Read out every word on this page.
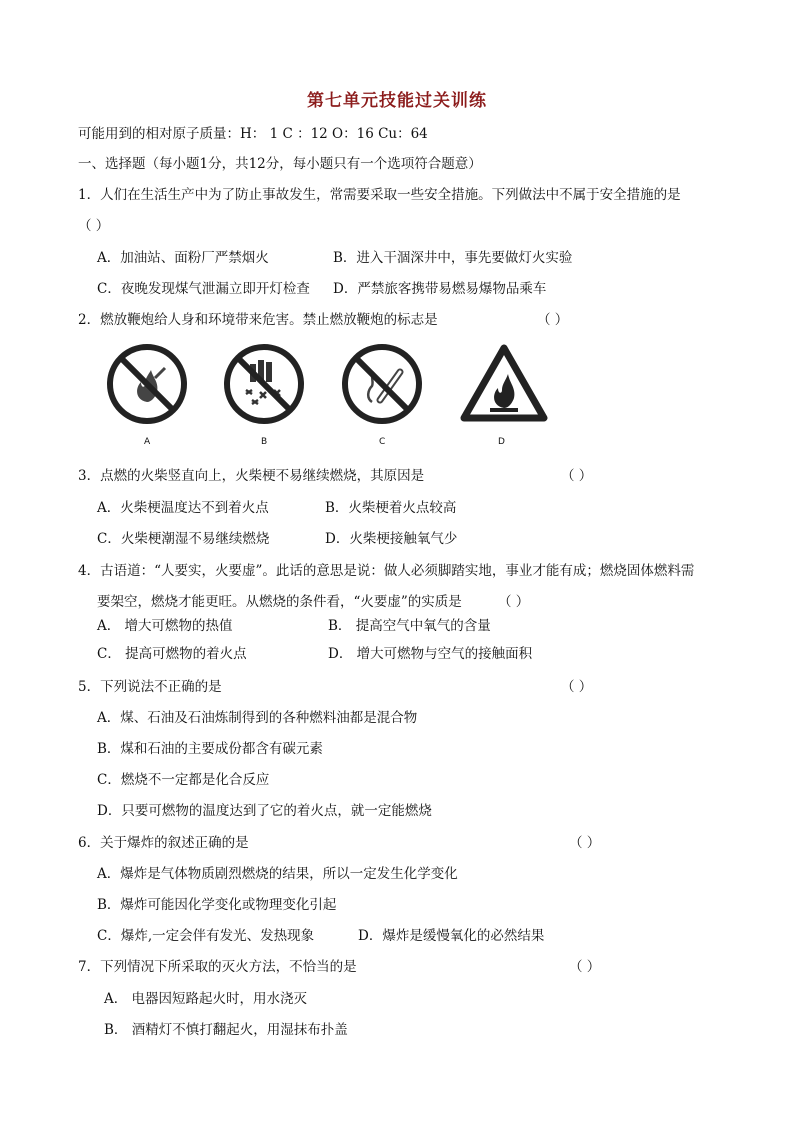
第七单元技能过关训练
可能用到的相对原子质量：H： 1 C ：12 O：16 Cu：64
一、选择题（每小题1分，共12分，每小题只有一个选项符合题意）
1．人们在生活生产中为了防止事故发生，常需要采取一些安全措施。下列做法中不属于安全措施的是
（ ）
A．加油站、面粉厂严禁烟火	B．进入干涸深井中，事先要做灯火实验
C．夜晚发现煤气泄漏立即开灯检查 D．严禁旅客携带易燃易爆物品乘车
2．燃放鞭炮给人身和环境带来危害。禁止燃放鞭炮的标志是	（ ）
A	B	C	D
3．点燃的火柴竖直向上，火柴梗不易继续燃烧，其原因是	（ ）
A．火柴梗温度达不到着火点	B．火柴梗着火点较高
C．火柴梗潮湿不易继续燃烧	D．火柴梗接触氧气少
4．古语道：“人要实，火要虚”。此话的意思是说：做人必须脚踏实地，事业才能有成；燃烧固体燃料需
要架空，燃烧才能更旺。从燃烧的条件看，“火要虚”的实质是	（ ）
A． 增大可燃物的热值	B． 提高空气中氧气的含量
C． 提高可燃物的着火点	D． 增大可燃物与空气的接触面积
5．下列说法不正确的是	（ ）
A．煤、石油及石油炼制得到的各种燃料油都是混合物
B．煤和石油的主要成份都含有碳元素
C．燃烧不一定都是化合反应
D．只要可燃物的温度达到了它的着火点，就一定能燃烧
6．关于爆炸的叙述正确的是	（ ）
A．爆炸是气体物质剧烈燃烧的结果，所以一定发生化学变化
B．爆炸可能因化学变化或物理变化引起
C．爆炸,一定会伴有发光、发热现象	D．爆炸是缓慢氧化的必然结果
7．下列情况下所采取的灭火方法，不恰当的是	（ ）
A． 电器因短路起火时，用水浇灭
B． 酒精灯不慎打翻起火，用湿抹布扑盖
